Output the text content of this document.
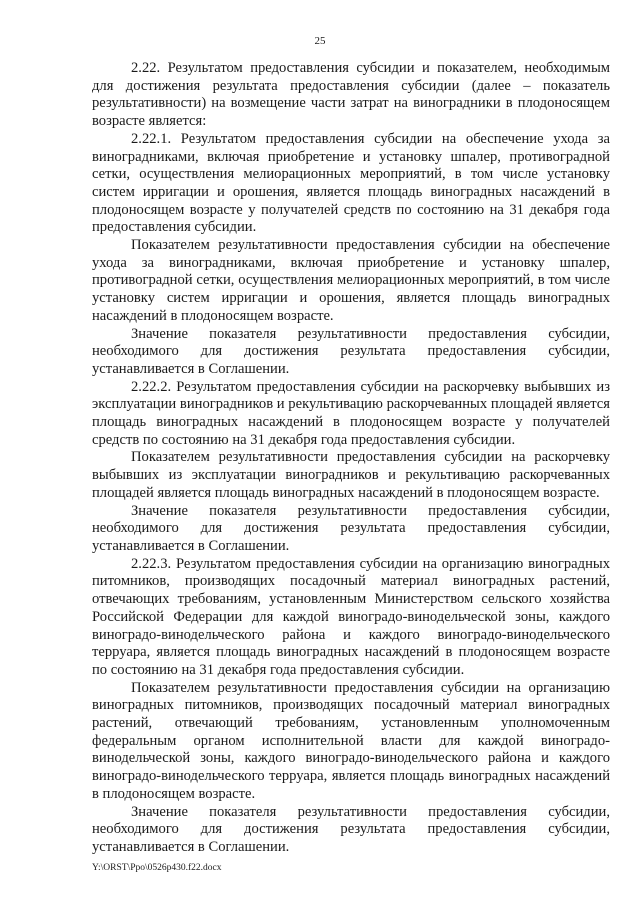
25

2.22. Результатом предоставления субсидии и показателем, необходимым для достижения результата предоставления субсидии (далее – показатель результативности) на возмещение части затрат на виноградники в плодоносящем возрасте является:

2.22.1. Результатом предоставления субсидии на обеспечение ухода за виноградниками, включая приобретение и установку шпалер, противоградной сетки, осуществления мелиорационных мероприятий, в том числе установку систем ирригации и орошения, является площадь виноградных насаждений в плодоносящем возрасте у получателей средств по состоянию на 31 декабря года предоставления субсидии.

Показателем результативности предоставления субсидии на обеспечение ухода за виноградниками, включая приобретение и установку шпалер, противоградной сетки, осуществления мелиорационных мероприятий, в том числе установку систем ирригации и орошения, является площадь виноградных насаждений в плодоносящем возрасте.

Значение показателя результативности предоставления субсидии, необходимого для достижения результата предоставления субсидии, устанавливается в Соглашении.

2.22.2. Результатом предоставления субсидии на раскорчевку выбывших из эксплуатации виноградников и рекультивацию раскорчеванных площадей является площадь виноградных насаждений в плодоносящем возрасте у получателей средств по состоянию на 31 декабря года предоставления субсидии.

Показателем результативности предоставления субсидии на раскорчевку выбывших из эксплуатации виноградников и рекультивацию раскорчеванных площадей является площадь виноградных насаждений в плодоносящем возрасте.

Значение показателя результативности предоставления субсидии, необходимого для достижения результата предоставления субсидии, устанавливается в Соглашении.

2.22.3. Результатом предоставления субсидии на организацию виноградных питомников, производящих посадочный материал виноградных растений, отвечающих требованиям, установленным Министерством сельского хозяйства Российской Федерации для каждой виноградо-винодельческой зоны, каждого виноградо-винодельческого района и каждого виноградо-винодельческого терруара, является площадь виноградных насаждений в плодоносящем возрасте по состоянию на 31 декабря года предоставления субсидии.

Показателем результативности предоставления субсидии на организацию виноградных питомников, производящих посадочный материал виноградных растений, отвечающий требованиям, установленным уполномоченным федеральным органом исполнительной власти для каждой виноградо-винодельческой зоны, каждого виноградо-винодельческого района и каждого виноградо-винодельческого терруара, является площадь виноградных насаждений в плодоносящем возрасте.

Значение показателя результативности предоставления субсидии, необходимого для достижения результата предоставления субсидии, устанавливается в Соглашении.

Y:\ORST\Ppo\0526p430.f22.docx
